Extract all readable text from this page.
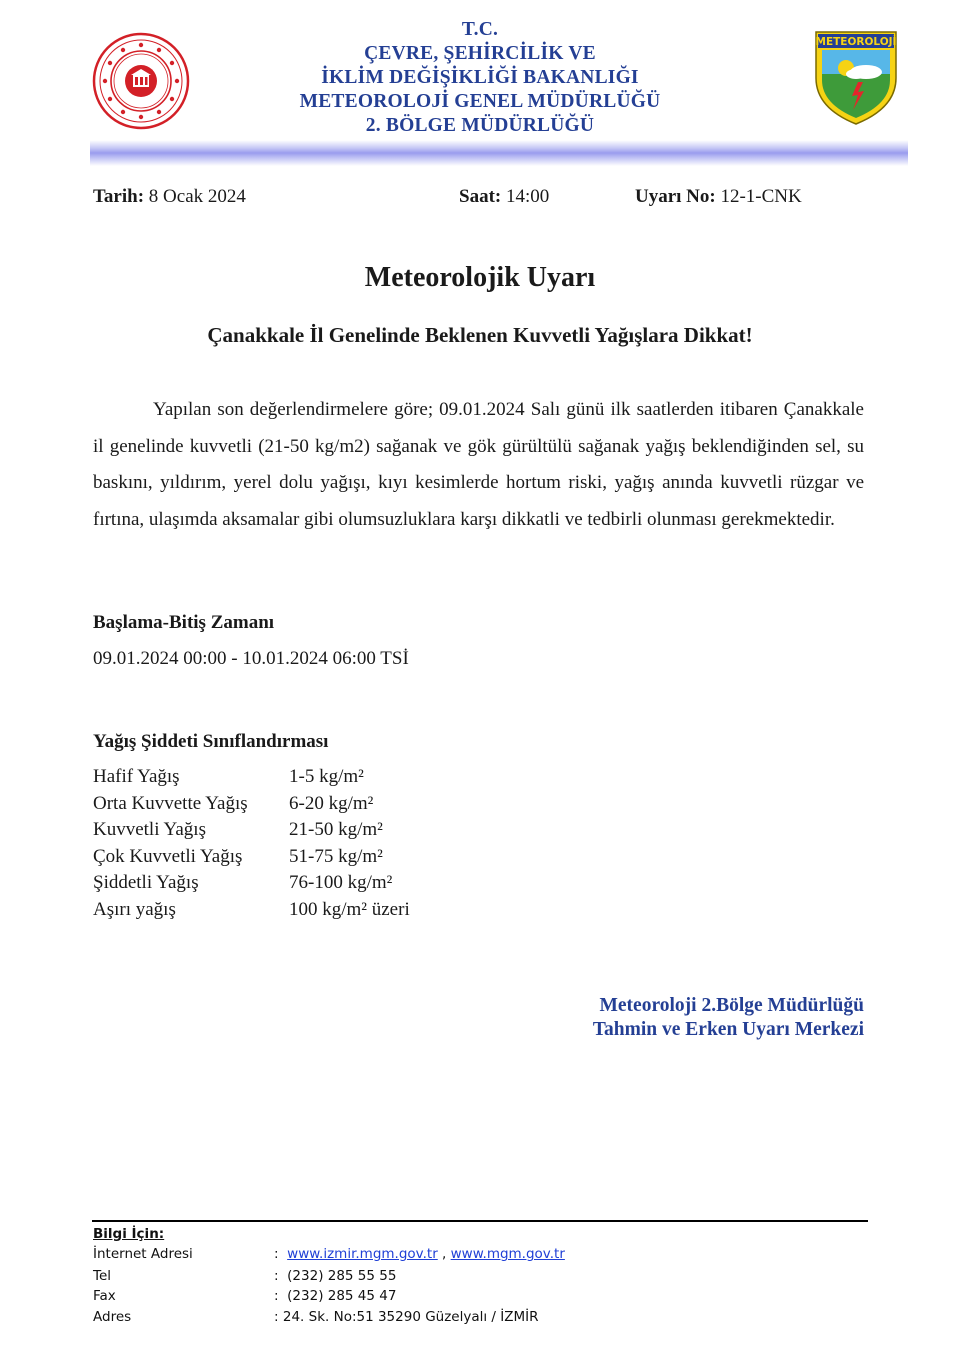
T.C.
ÇEVRE, ŞEHİRCİLİK VE
İKLİM DEĞİŞİKLİĞİ BAKANLIĞI
METEOROLOJİ GENEL MÜDÜRLÜĞÜ
2. BÖLGE MÜDÜRLÜĞÜ
METEOROLOJİ
Tarih: 8 Ocak 2024	Saat: 14:00	Uyarı No: 12-1-CNK
Meteorolojik Uyarı
Çanakkale İl Genelinde Beklenen Kuvvetli Yağışlara Dikkat!

Yapılan son değerlendirmelere göre; 09.01.2024 Salı günü ilk saatlerden itibaren Çanakkale il genelinde kuvvetli (21-50 kg/m2) sağanak ve gök gürültülü sağanak yağış beklendiğinden sel, su baskını, yıldırım, yerel dolu yağışı, kıyı kesimlerde hortum riski, yağış anında kuvvetli rüzgar ve fırtına, ulaşımda aksamalar gibi olumsuzluklara karşı dikkatli ve tedbirli olunması gerekmektedir.

Başlama-Bitiş Zamanı
09.01.2024 00:00 - 10.01.2024 06:00 TSİ
Yağış Şiddeti Sınıflandırması
Hafif Yağış	1-5 kg/m²
Orta Kuvvette Yağış	6-20 kg/m²
Kuvvetli Yağış	21-50 kg/m²
Çok Kuvvetli Yağış	51-75 kg/m²
Şiddetli Yağış	76-100 kg/m²
Aşırı yağış	100 kg/m² üzeri
Meteoroloji 2.Bölge Müdürlüğü
Tahmin ve Erken Uyarı Merkezi
Bilgi İçin:
İnternet Adresi	: www.izmir.mgm.gov.tr , www.mgm.gov.tr
Tel	: (232) 285 55 55
Fax	: (232) 285 45 47
Adres	: 24. Sk. No:51 35290 Güzelyalı / İZMİR
